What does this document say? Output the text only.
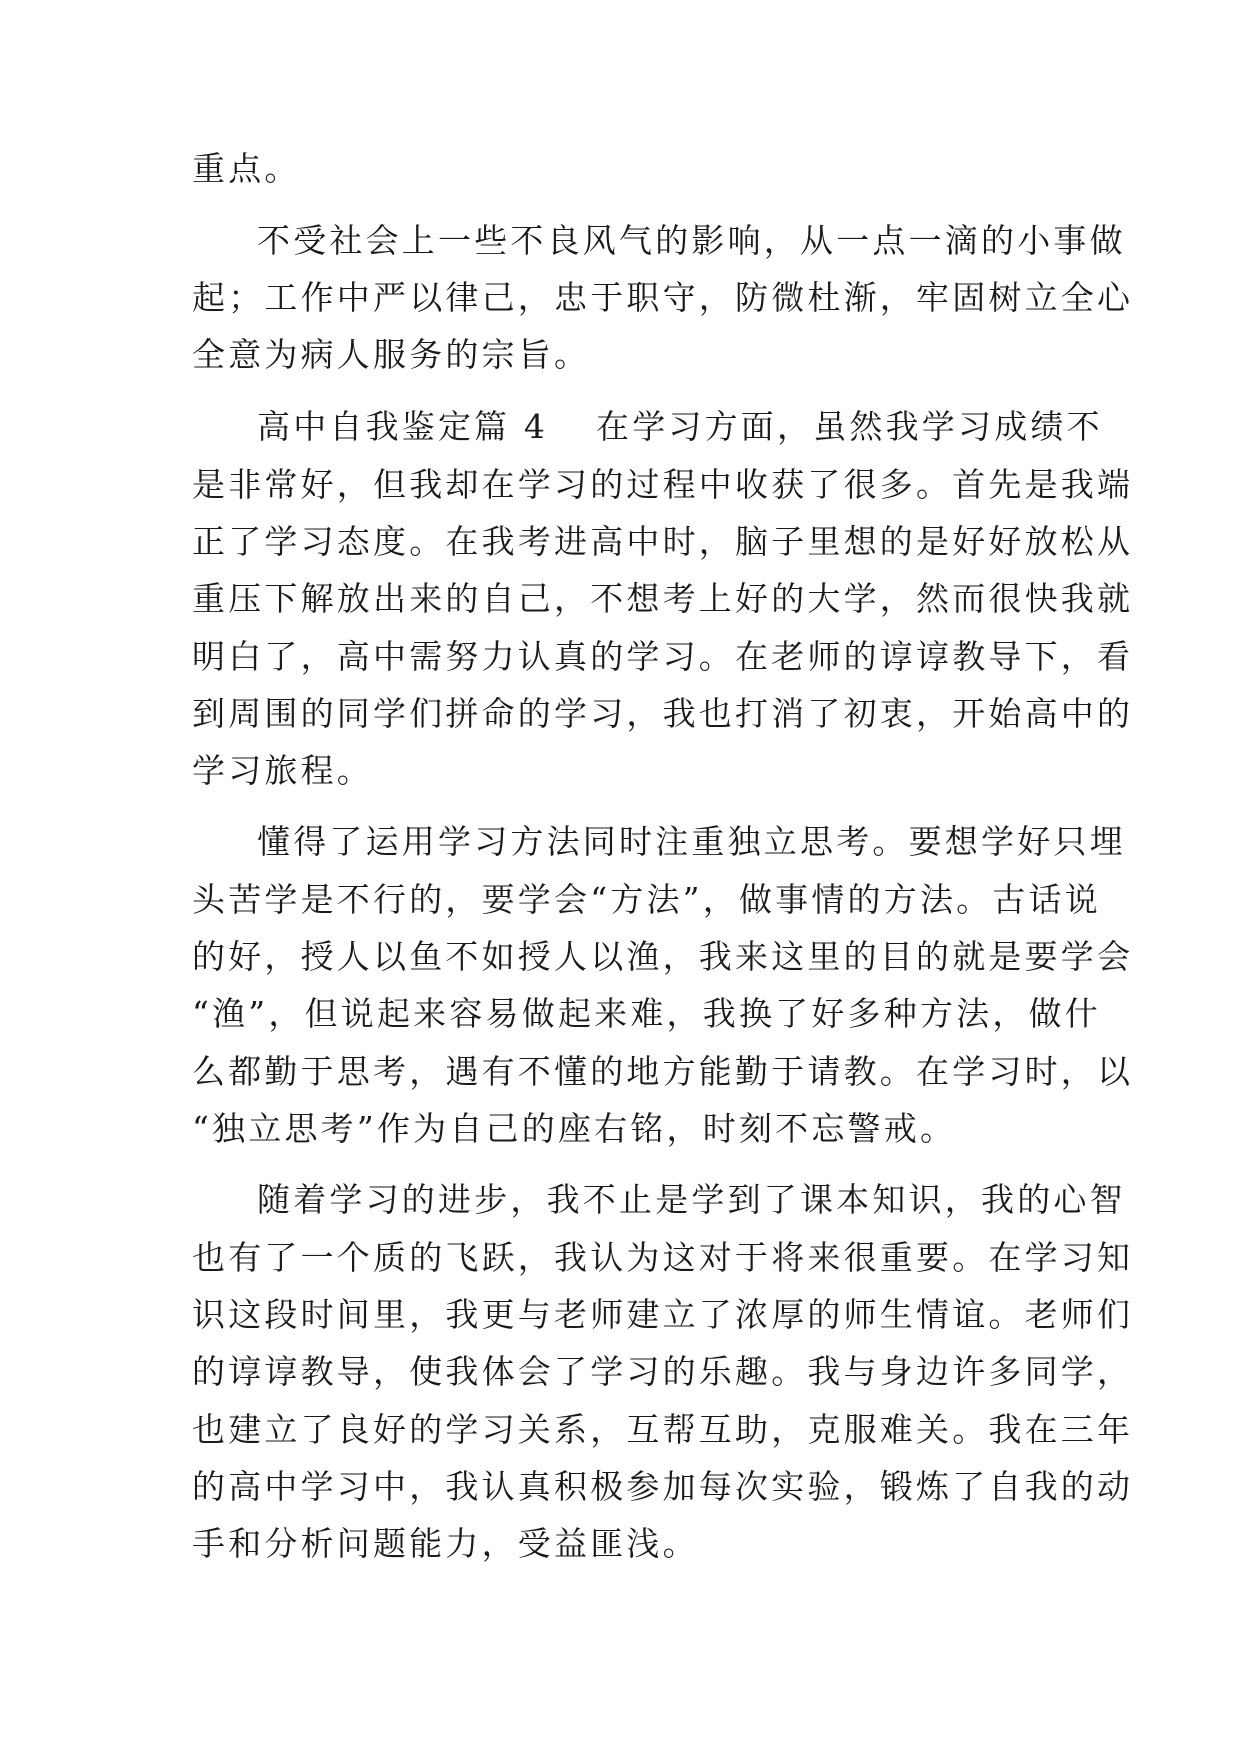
重点。

不受社会上一些不良风气的影响，从一点一滴的小事做

起；工作中严以律己，忠于职守，防微杜渐，牢固树立全心

全意为病人服务的宗旨。

高中自我鉴定

篇 4

在学习方面，虽然我学习成绩不

是非常好，但我却在学习的过程中收获了很多。首先是我端

正了学习态度。在我考进高中时，脑子里想的是好好放松从

重压下解放出来的自己，不想考上好的大学，然而很快我就

明白了，高中需努力认真的学习。在老师的谆谆教导下，看

到周围的同学们拼命的学习，我也打消了初衷，开始高中的

学习旅程。

懂得了运用学习方法同时注重独立思考。要想学好只埋

头苦学是不行的，要学会“方法”，做事情的方法。古话说

的好，授人以鱼不如授人以渔，我来这里的目的就是要学会

“渔”，但说起来容易做起来难，我换了好多种方法，做什

么都勤于思考，遇有不懂的地方能勤于请教。在学习时，以

“独立思考”作为自己的座右铭，时刻不忘警戒。

随着学习的进步，我不止是学到了课本知识，我的心智

也有了一个质的飞跃，我认为这对于将来很重要。在学习知

识这段时间里，我更与老师建立了浓厚的师生情谊。老师们

的谆谆教导，使我体会了学习的乐趣。我与身边许多同学，

也建立了良好的学习关系，互帮互助，克服难关。我在三年

的高中学习中，我认真积极参加每次实验，锻炼了自我的动

手和分析问题能力，受益匪浅。
